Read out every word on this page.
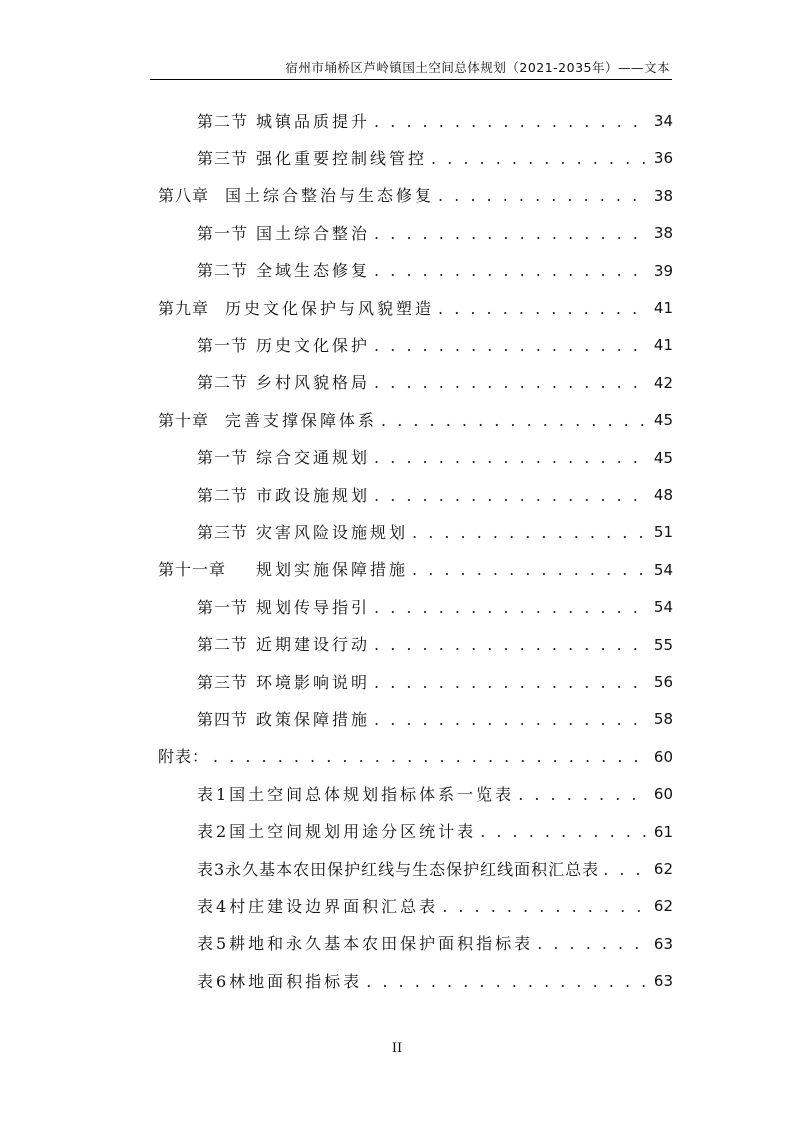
宿州市埇桥区芦岭镇国土空间总体规划（2021-2035年）——文本
第二节 城镇品质提升 . . .	34
第三节 强化重要控制线管控 . . .	36
第八章 国土综合整治与生态修复 . . .	38
第一节 国土综合整治 . . .	38
第二节 全域生态修复 . . .	39
第九章 历史文化保护与风貌塑造 . . .	41
第一节 历史文化保护 . . .	41
第二节 乡村风貌格局 . . .	42
第十章 完善支撑保障体系 . . .	45
第一节 综合交通规划 . . .	45
第二节 市政设施规划 . . .	48
第三节 灾害风险设施规划 . . .	51
第十一章 规划实施保障措施 . . .	54
第一节 规划传导指引 . . .	54
第二节 近期建设行动 . . .	55
第三节 环境影响说明 . . .	56
第四节 政策保障措施 . . .	58
附表： . . .	60
表1国土空间总体规划指标体系一览表 . . .	60
表2国土空间规划用途分区统计表 . . .	61
表3永久基本农田保护红线与生态保护红线面积汇总表 . . .	62
表4村庄建设边界面积汇总表 . . .	62
表5耕地和永久基本农田保护面积指标表 . . .	63
表6林地面积指标表 . . .	63
II
